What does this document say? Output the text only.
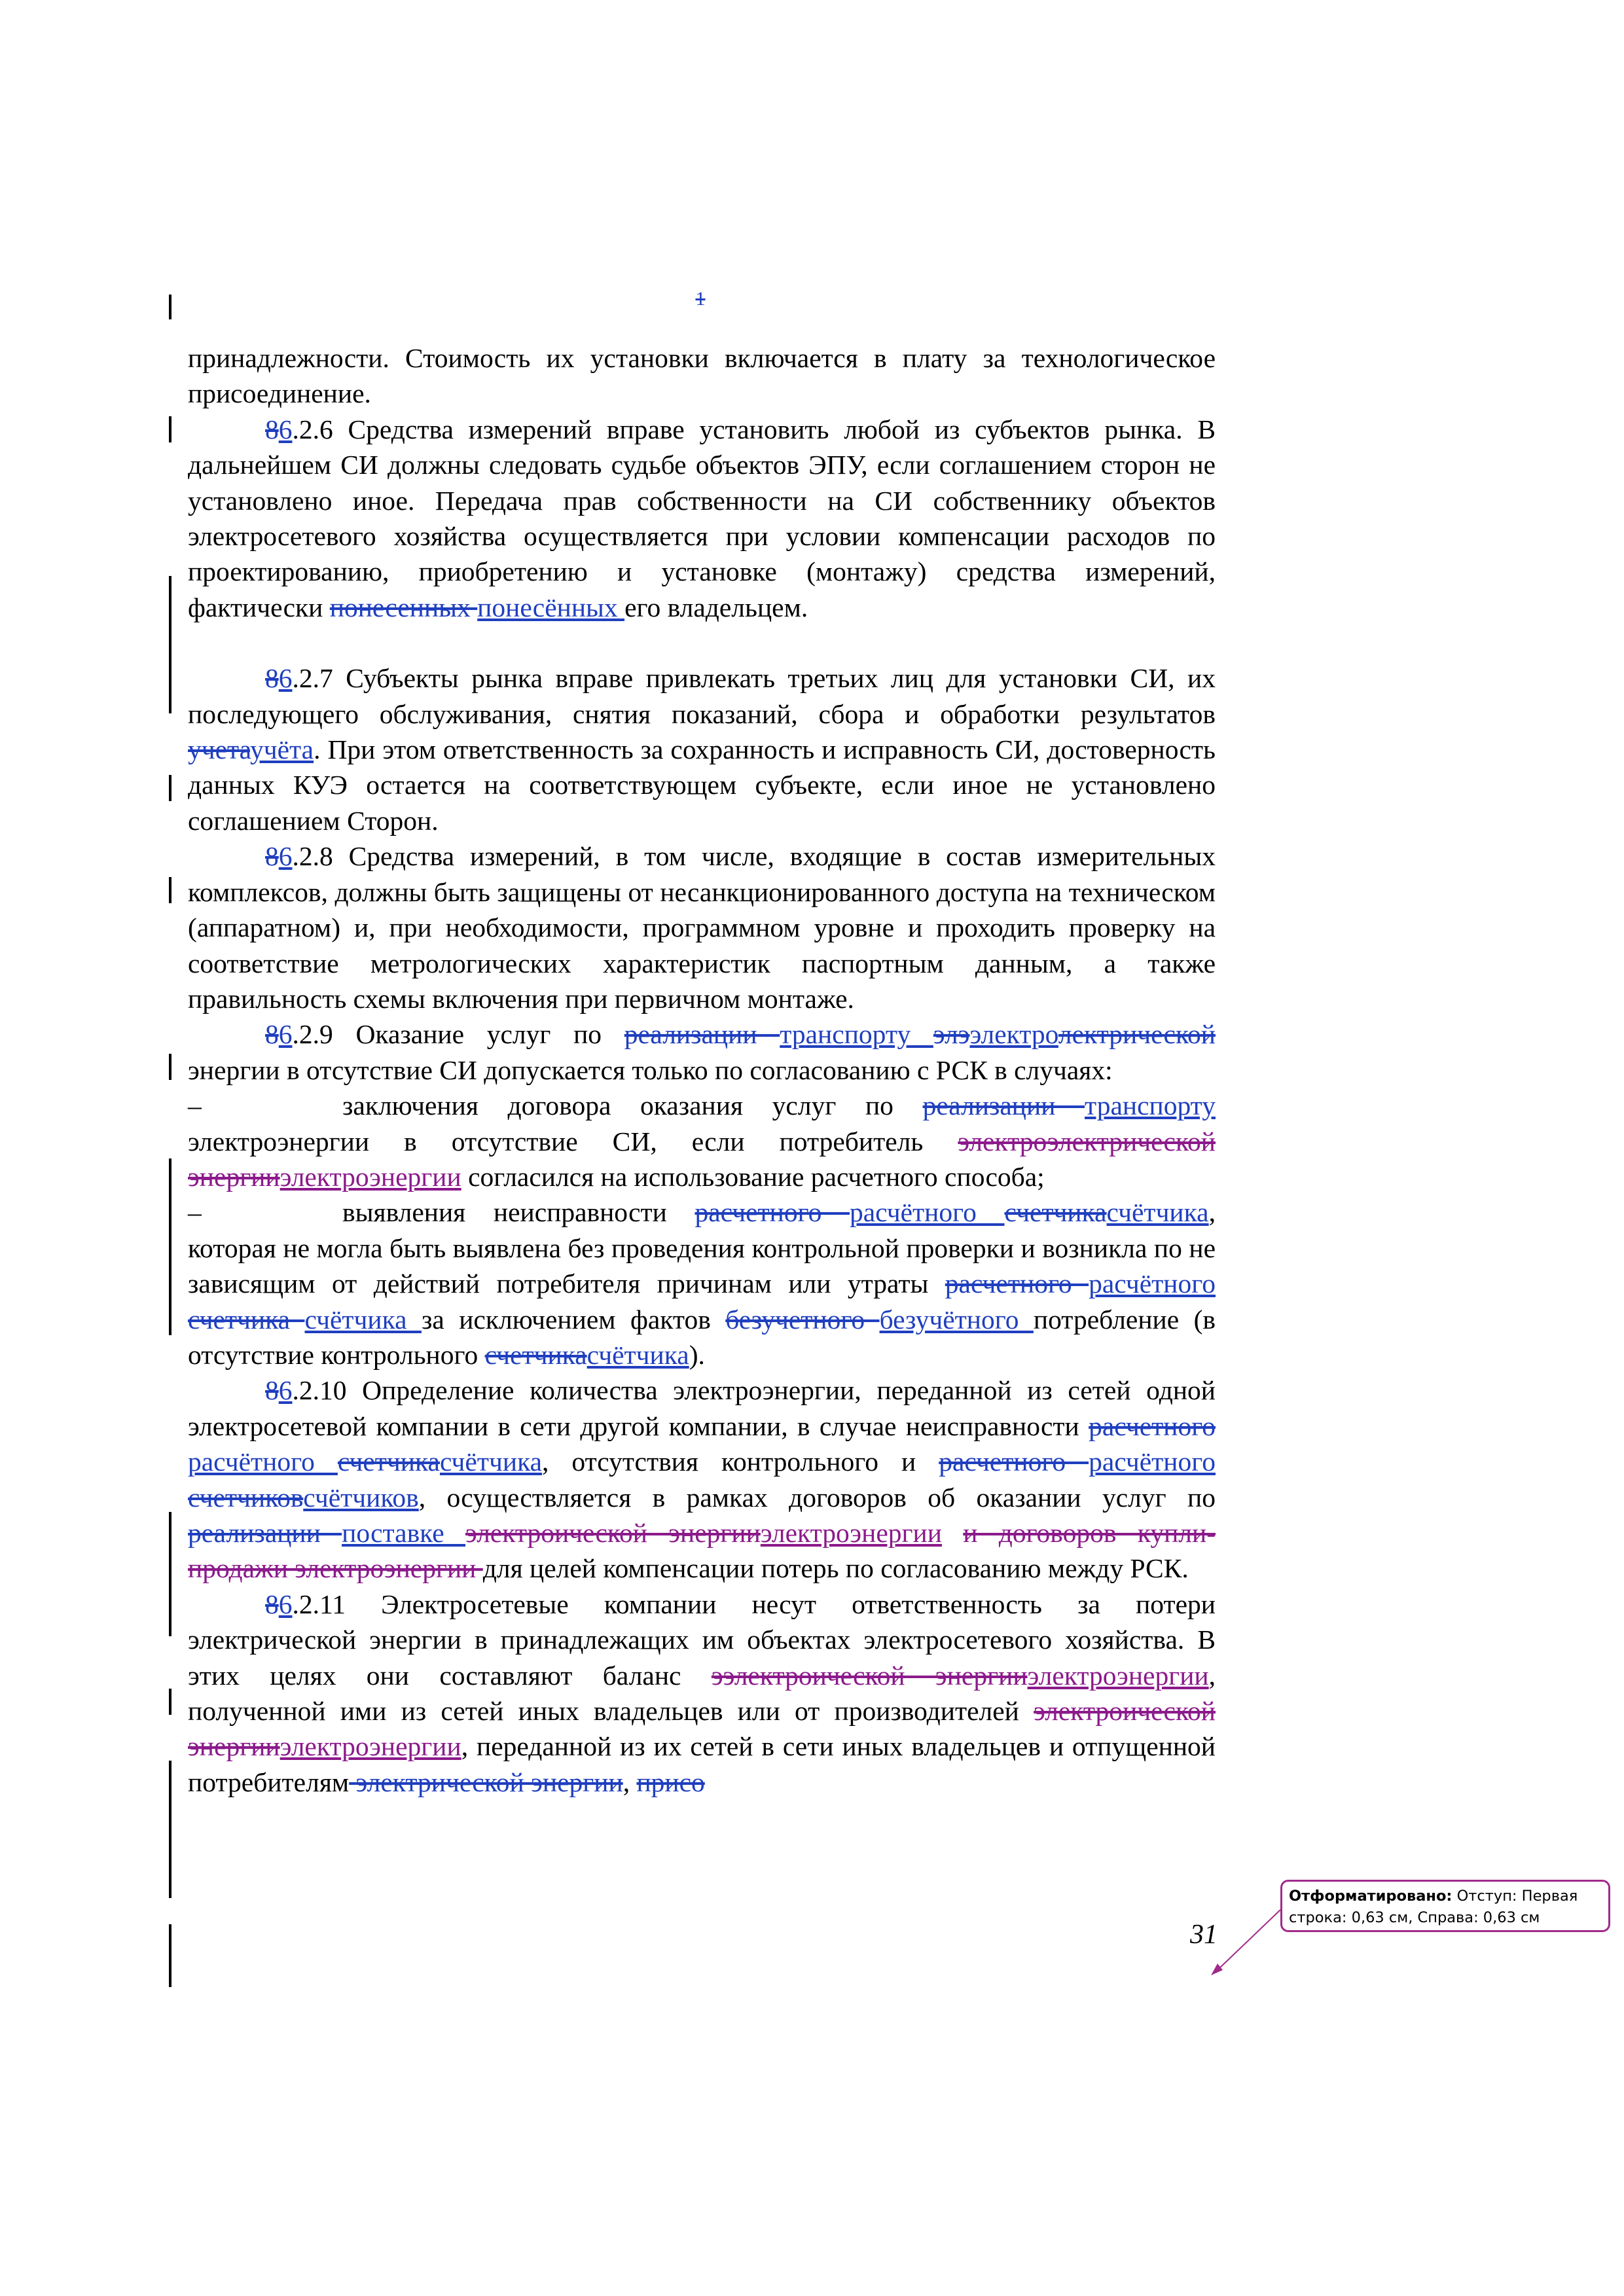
1

принадлежности. Стоимость их установки включается в плату за технологическое присоединение.

86.2.6 Средства измерений вправе установить любой из субъектов рынка. В дальнейшем СИ должны следовать судьбе объектов ЭПУ, если соглашением сторон не установлено иное. Передача прав собственности на СИ собственнику объектов электросетевого хозяйства осуществляется при условии компенсации расходов по проектированию, приобретению и установке (монтажу) средства измерений, фактически понесенных понесённых его владельцем.

86.2.7 Субъекты рынка вправе привлекать третьих лиц для установки СИ, их последующего обслуживания, снятия показаний, сбора и обработки результатов учетаучёта. При этом ответственность за сохранность и исправность СИ, достоверность данных КУЭ остается на соответствующем субъекте, если иное не установлено соглашением Сторон.

86.2.8 Средства измерений, в том числе, входящие в состав измерительных комплексов, должны быть защищены от несанкционированного доступа на техническом (аппаратном) и, при необходимости, программном уровне и проходить проверку на соответствие метрологических характеристик паспортным данным, а также правильность схемы включения при первичном монтаже.

86.2.9 Оказание услуг по реализации транспорту элээлектролектрической энергии в отсутствие СИ допускается только по согласованию с РСК в случаях:

–	заключения договора оказания услуг по реализации транспорту электроэнергии в отсутствие СИ, если потребитель электроэлектрической энергииэлектроэнергии согласился на использование расчетного способа;

–	выявления неисправности расчетного расчётного счетчикасчётчика, которая не могла быть выявлена без проведения контрольной проверки и возникла по не зависящим от действий потребителя причинам или утраты расчетного расчётного счетчика счётчика за исключением фактов безучетного безучётного потребление (в отсутствие контрольного счетчикасчётчика).

86.2.10 Определение количества электроэнергии, переданной из сетей одной электросетевой компании в сети другой компании, в случае неисправности расчетного расчётного счетчикасчётчика, отсутствия контрольного и расчетного расчётного счетчиковсчётчиков, осуществляется в рамках договоров об оказании услуг по реализации поставке электроической энергииэлектроэнергии и договоров купли-продажи электроэнергии для целей компенсации потерь по согласованию между РСК.

86.2.11 Электросетевые компании несут ответственность за потери электрической энергии в принадлежащих им объектах электросетевого хозяйства. В этих целях они составляют баланс ээлектроической энергииэлектроэнергии, полученной ими из сетей иных владельцев или от производителей электроической энергииэлектроэнергии, переданной из их сетей в сети иных владельцев и отпущенной потребителям электрической энергии, присо

31
Отформатировано: Отступ: Первая строка: 0,63 см, Справа: 0,63 см
